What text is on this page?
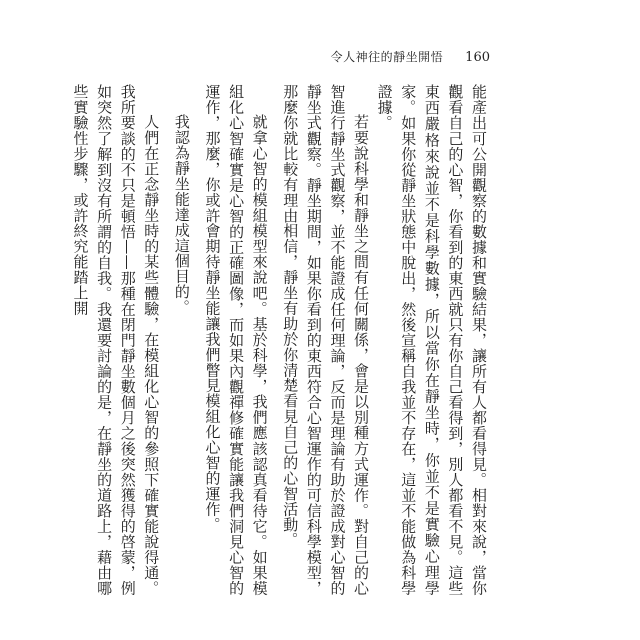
令人神往的靜坐開悟 160

能產出可公開觀察的數據和實驗結果，讓所有人都看得見。相對來說，當你觀看自己的心智，你看到的東西就只有你自己看得到，別人都看不見。這些東西嚴格來說並不是科學數據，所以當你在靜坐時，你並不是實驗心理學家。如果你從靜坐狀態中脫出，然後宣稱自我並不存在，這並不能做為科學證據。

若要說科學和靜坐之間有任何關係，會是以別種方式運作。對自己的心智進行靜坐式觀察，並不能證成任何理論，反而是理論有助於證成對心智的靜坐式觀察。靜坐期間，如果你看到的東西符合心智運作的可信科學模型，那麼你就比較有理由相信，靜坐有助於你清楚看見自己的心智活動。

就拿心智的模組模型來說吧。基於科學，我們應該認真看待它。如果模組化心智確實是心智的正確圖像，而如果內觀禪修確實能讓我們洞見心智的運作，那麼，你或許會期待靜坐能讓我們瞥見模組化心智的運作。

我認為靜坐能達成這個目的。

人們在正念靜坐時的某些體驗，在模組化心智的參照下確實能說得通。我所要談的不只是頓悟——那種在閉門靜坐數個月之後突然獲得的啓蒙，例如突然了解到沒有所謂的自我。我還要討論的是，在靜坐的道路上，藉由哪些實驗性步驟，或許終究能踏上開
